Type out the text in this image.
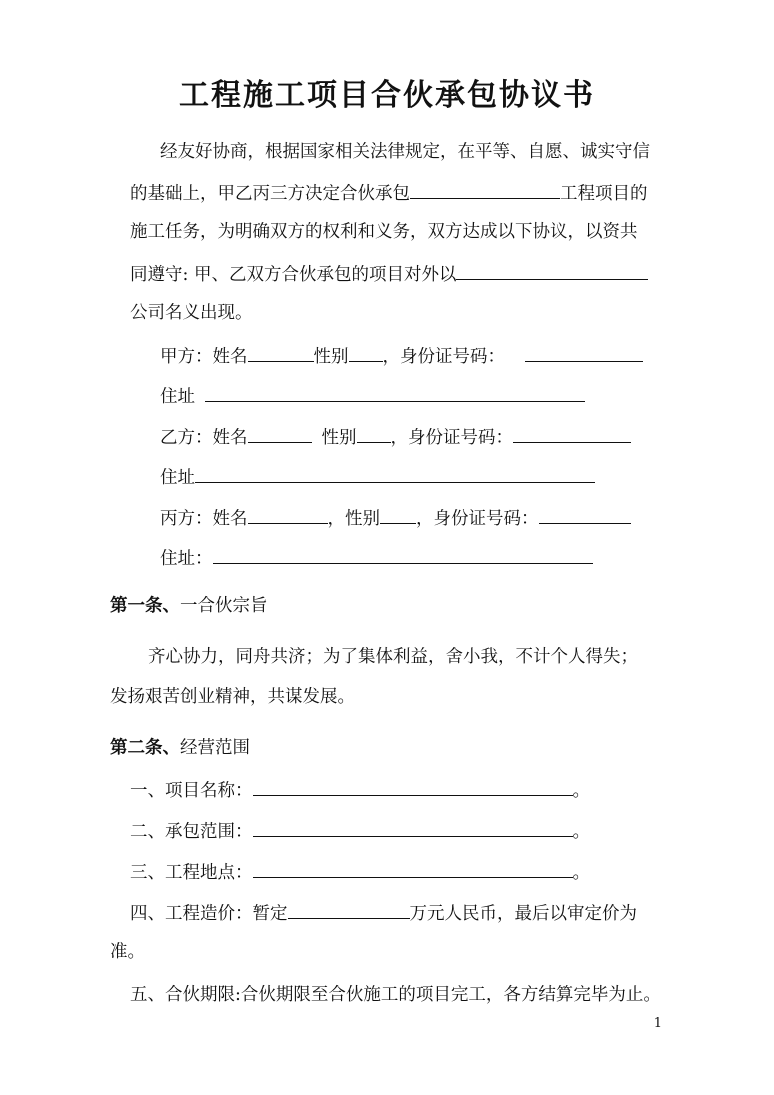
工程施工项目合伙承包协议书
经友好协商，根据国家相关法律规定，在平等、自愿、诚实守信
的基础上，甲乙丙三方决定合伙承包	工程项目的
施工任务，为明确双方的权利和义务，双方达成以下协议，以资共
同遵守: 甲、乙双方合伙承包的项目对外以
公司名义出现。
甲方：姓名	性别 ，身份证号码：
住址
乙方：姓名	性别 ，身份证号码：
住址
丙方：姓名	，性别 ，身份证号码：
住址：
第一条、一合伙宗旨
齐心协力，同舟共济；为了集体利益，舍小我，不计个人得失；
发扬艰苦创业精神，共谋发展。
第二条、经营范围
一、项目名称：	。
二、承包范围：	。
三、工程地点：	。
四、工程造价：暂定	万元人民币，最后以审定价为
准。
五、合伙期限:合伙期限至合伙施工的项目完工，各方结算完毕为止。
1
